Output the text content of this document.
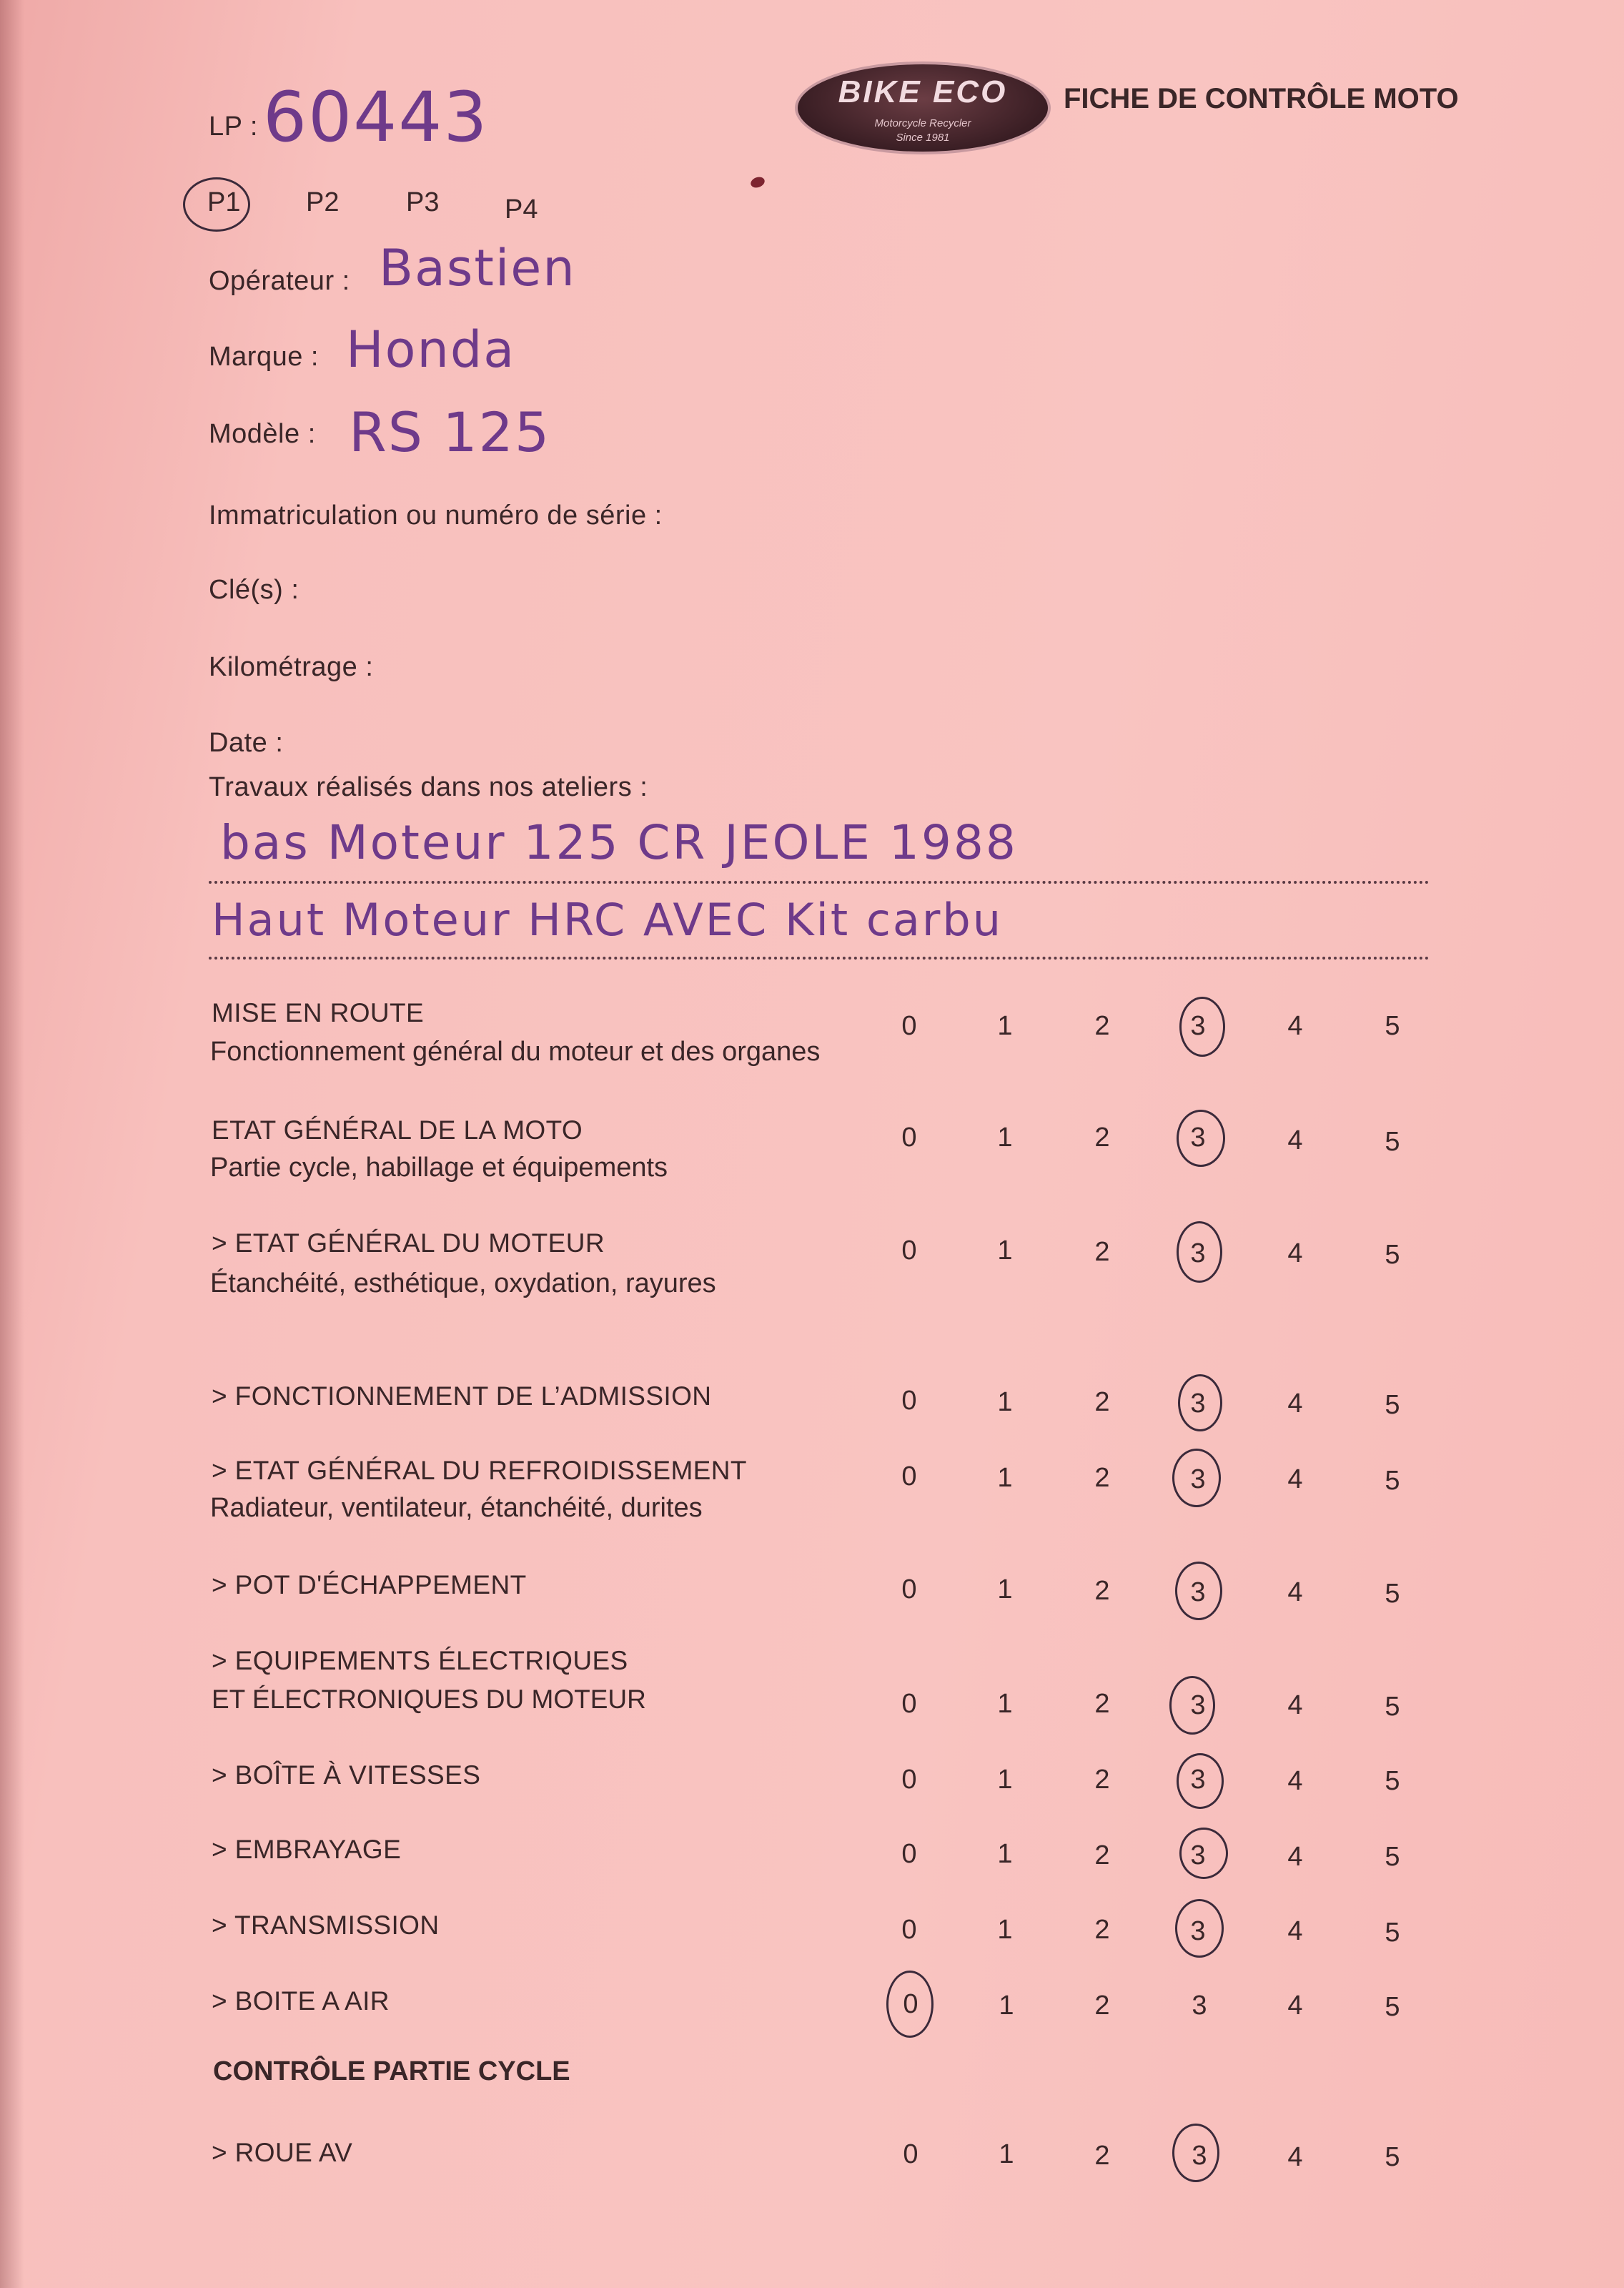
LP : 60443	BIKE ECO
Motorcycle Recycler
Since 1981
FICHE DE CONTRÔLE MOTO
P1 P2 P3 P4
Opérateur : Bastien
Marque : Honda
Modèle : RS 125
Immatriculation ou numéro de série :
Clé(s) :
Kilométrage :
Date :
Travaux réalisés dans nos ateliers :
bas Moteur 125 CR JEOLE 1988
Haut Moteur HRC AVEC Kit carbu
MISE EN ROUTE
Fonctionnement général du moteur et des organes
0	1	2	3	4	5
ETAT GÉNÉRAL DE LA MOTO
Partie cycle, habillage et équipements
0	1	2	3	4	5
> ETAT GÉNÉRAL DU MOTEUR
Étanchéité, esthétique, oxydation, rayures
0	1	2	3	4	5
> FONCTIONNEMENT DE L’ADMISSION	0	1	2	3	4	5
> ETAT GÉNÉRAL DU REFROIDISSEMENT
Radiateur, ventilateur, étanchéité, durites
0	1	2	3	4	5
> POT D'ÉCHAPPEMENT	0	1	2	3	4	5
> EQUIPEMENTS ÉLECTRIQUES
ET ÉLECTRONIQUES DU MOTEUR	0	1	2	3	4	5
> BOÎTE À VITESSES	0	1	2	3	4	5
> EMBRAYAGE	0	1	2	3	4	5
> TRANSMISSION	0	1	2	3	4	5
> BOITE A AIR	0	1	2	3	4	5
CONTRÔLE PARTIE CYCLE
> ROUE AV	0	1	2	3	4	5
